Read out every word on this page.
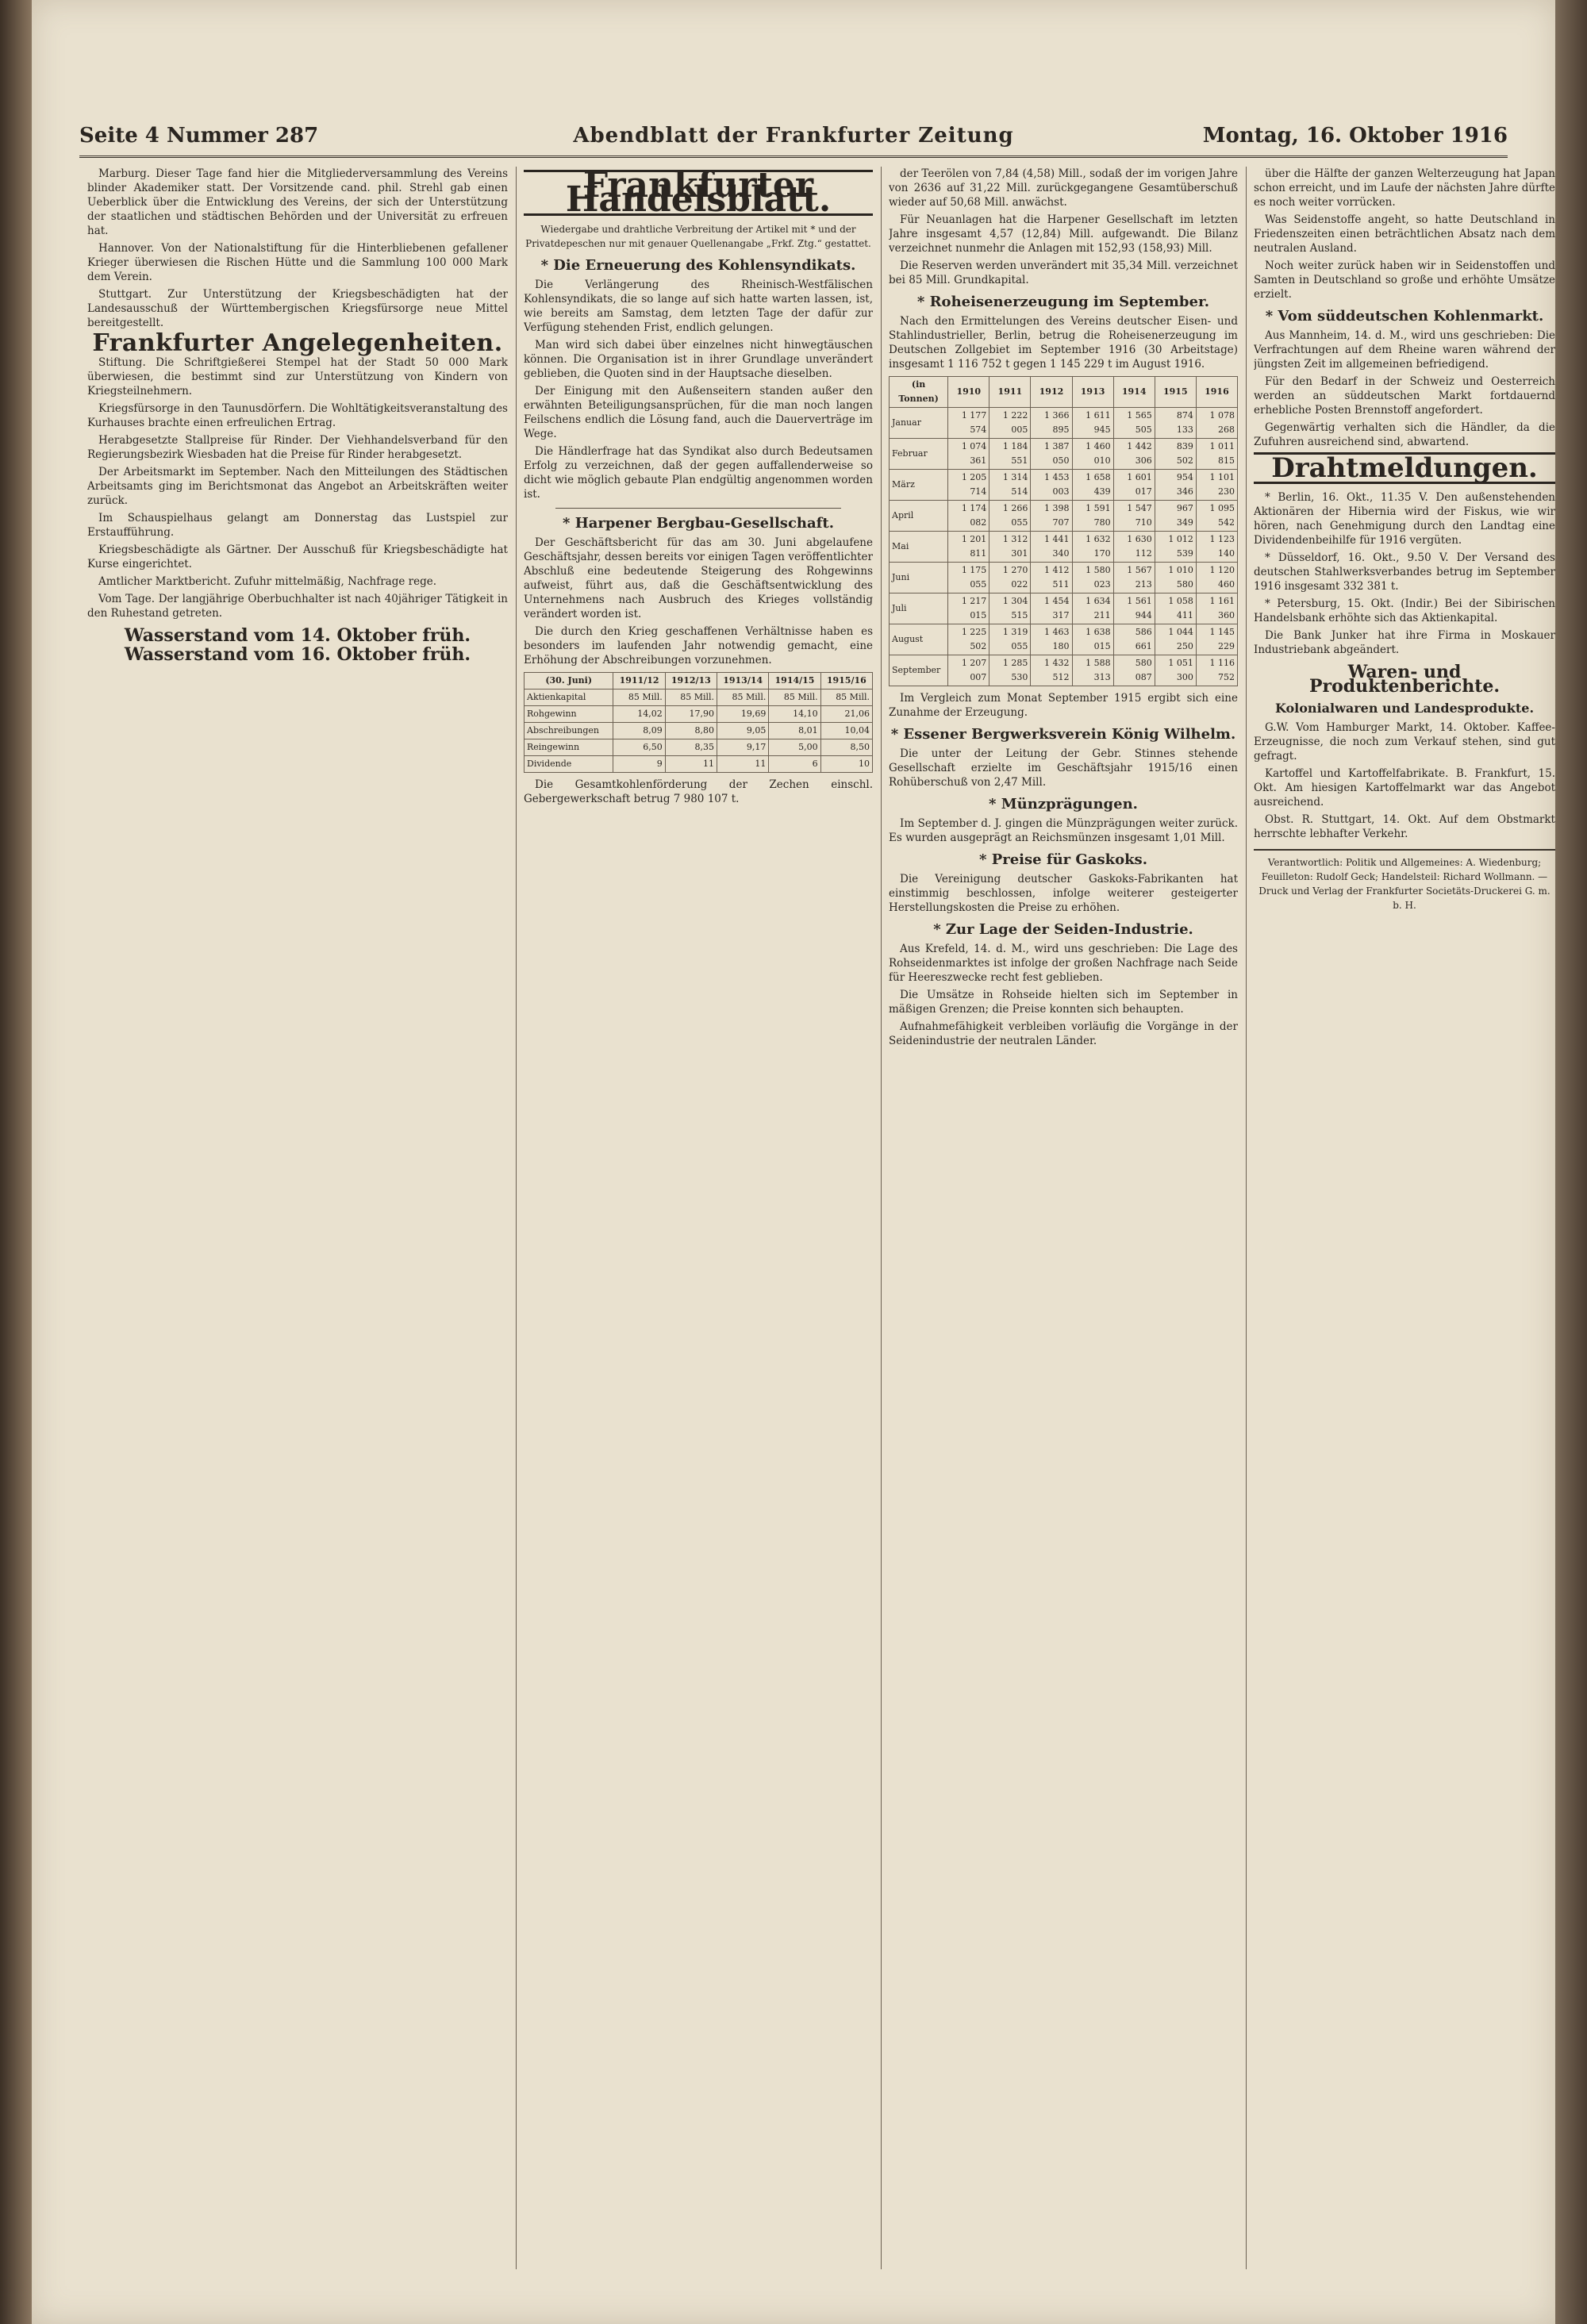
Seite 4 Nummer 287	Abendblatt der Frankfurter Zeitung	Montag, 16. Oktober 1916

Marburg. Dieser Tage fand hier die Mitgliederversammlung des Vereins blinder Akademiker statt. Der Vorsitzende cand. phil. Strehl gab einen Ueberblick über die Entwicklung des Vereins, der sich der Unterstützung der staatlichen und städtischen Behörden und der Universität zu erfreuen hat.

Hannover. Von der Nationalstiftung für die Hinterbliebenen gefallener Krieger überwiesen die Rischen Hütte und die Sammlung 100 000 Mark dem Verein.

Stuttgart. Zur Unterstützung der Kriegsbeschädigten hat der Landesausschuß der Württembergischen Kriegsfürsorge neue Mittel bereitgestellt.

Frankfurter Angelegenheiten.

Stiftung. Die Schriftgießerei Stempel hat der Stadt 50 000 Mark überwiesen, die bestimmt sind zur Unterstützung von Kindern von Kriegsteilnehmern.

Kriegsfürsorge in den Taunusdörfern. Die Wohltätigkeitsveranstaltung des Kurhauses brachte einen erfreulichen Ertrag.

Herabgesetzte Stallpreise für Rinder. Der Viehhandelsverband für den Regierungsbezirk Wiesbaden hat die Preise für Rinder herabgesetzt.

Der Arbeitsmarkt im September. Nach den Mitteilungen des Städtischen Arbeitsamts ging im Berichtsmonat das Angebot an Arbeitskräften weiter zurück.

Im Schauspielhaus gelangt am Donnerstag das Lustspiel zur Erstaufführung.

Kriegsbeschädigte als Gärtner. Der Ausschuß für Kriegsbeschädigte hat Kurse eingerichtet.

Amtlicher Marktbericht. Zufuhr mittelmäßig, Nachfrage rege.

Vom Tage. Der langjährige Oberbuchhalter ist nach 40jähriger Tätigkeit in den Ruhestand getreten.

Wasserstand vom 14. Oktober früh.
Wasserstand vom 16. Oktober früh.
Frankfurter Handelsblatt.
Wiedergabe und drahtliche Verbreitung der Artikel mit * und der Privatdepeschen nur mit genauer Quellenangabe „Frkf. Ztg.“ gestattet.
* Die Erneuerung des Kohlensyndikats.

Die Verlängerung des Rheinisch-Westfälischen Kohlensyndikats, die so lange auf sich hatte warten lassen, ist, wie bereits am Samstag, dem letzten Tage der dafür zur Verfügung stehenden Frist, endlich gelungen.

Man wird sich dabei über einzelnes nicht hinwegtäuschen können. Die Organisation ist in ihrer Grundlage unverändert geblieben, die Quoten sind in der Hauptsache dieselben.

Der Einigung mit den Außenseitern standen außer den erwähnten Beteiligungsansprüchen, für die man noch langen Feilschens endlich die Lösung fand, auch die Dauerverträge im Wege.

Die Händlerfrage hat das Syndikat also durch Bedeutsamen Erfolg zu verzeichnen, daß der gegen auffallenderweise so dicht wie möglich gebaute Plan endgültig angenommen worden ist.

* Harpener Bergbau-Gesellschaft.

Der Geschäftsbericht für das am 30. Juni abgelaufene Geschäftsjahr, dessen bereits vor einigen Tagen veröffentlichter Abschluß eine bedeutende Steigerung des Rohgewinns aufweist, führt aus, daß die Geschäftsentwicklung des Unternehmens nach Ausbruch des Krieges vollständig verändert worden ist.

Die durch den Krieg geschaffenen Verhältnisse haben es besonders im laufenden Jahr notwendig gemacht, eine Erhöhung der Abschreibungen vorzunehmen.

(30. Juni)	1911/12	1912/13	1913/14	1914/15	1915/16
Aktienkapital	85 Mill.	85 Mill.	85 Mill.	85 Mill.	85 Mill.
Rohgewinn	14,02	17,90	19,69	14,10	21,06
Abschreibungen	8,09	8,80	9,05	8,01	10,04
Reingewinn	6,50	8,35	9,17	5,00	8,50
Dividende	9	11	11	6	10

Die Gesamtkohlenförderung der Zechen einschl. Gebergewerkschaft betrug 7 980 107 t.

der Teerölen von 7,84 (4,58) Mill., sodaß der im vorigen Jahre von 2636 auf 31,22 Mill. zurückgegangene Gesamtüberschuß wieder auf 50,68 Mill. anwächst.

Für Neuanlagen hat die Harpener Gesellschaft im letzten Jahre insgesamt 4,57 (12,84) Mill. aufgewandt. Die Bilanz verzeichnet nunmehr die Anlagen mit 152,93 (158,93) Mill.

Die Reserven werden unverändert mit 35,34 Mill. verzeichnet bei 85 Mill. Grundkapital.

* Roheisenerzeugung im September.

Nach den Ermittelungen des Vereins deutscher Eisen- und Stahlindustrieller, Berlin, betrug die Roheisenerzeugung im Deutschen Zollgebiet im September 1916 (30 Arbeitstage) insgesamt 1 116 752 t gegen 1 145 229 t im August 1916.

(in Tonnen)	1910	1911	1912	1913	1914	1915	1916
Januar	1 177 574	1 222 005	1 366 895	1 611 945	1 565 505	874 133	1 078 268
Februar	1 074 361	1 184 551	1 387 050	1 460 010	1 442 306	839 502	1 011 815
März	1 205 714	1 314 514	1 453 003	1 658 439	1 601 017	954 346	1 101 230
April	1 174 082	1 266 055	1 398 707	1 591 780	1 547 710	967 349	1 095 542
Mai	1 201 811	1 312 301	1 441 340	1 632 170	1 630 112	1 012 539	1 123 140
Juni	1 175 055	1 270 022	1 412 511	1 580 023	1 567 213	1 010 580	1 120 460
Juli	1 217 015	1 304 515	1 454 317	1 634 211	1 561 944	1 058 411	1 161 360
August	1 225 502	1 319 055	1 463 180	1 638 015	586 661	1 044 250	1 145 229
September	1 207 007	1 285 530	1 432 512	1 588 313	580 087	1 051 300	1 116 752

Im Vergleich zum Monat September 1915 ergibt sich eine Zunahme der Erzeugung.

* Essener Bergwerksverein König Wilhelm.

Die unter der Leitung der Gebr. Stinnes stehende Gesellschaft erzielte im Geschäftsjahr 1915/16 einen Rohüberschuß von 2,47 Mill.

* Münzprägungen.

Im September d. J. gingen die Münzprägungen weiter zurück. Es wurden ausgeprägt an Reichsmünzen insgesamt 1,01 Mill.

* Preise für Gaskoks.

Die Vereinigung deutscher Gaskoks-Fabrikanten hat einstimmig beschlossen, infolge weiterer gesteigerter Herstellungskosten die Preise zu erhöhen.

* Zur Lage der Seiden-Industrie.

Aus Krefeld, 14. d. M., wird uns geschrieben: Die Lage des Rohseidenmarktes ist infolge der großen Nachfrage nach Seide für Heereszwecke recht fest geblieben.

Die Umsätze in Rohseide hielten sich im September in mäßigen Grenzen; die Preise konnten sich behaupten.

Aufnahmefähigkeit verbleiben vorläufig die Vorgänge in der Seidenindustrie der neutralen Länder.

über die Hälfte der ganzen Welterzeugung hat Japan schon erreicht, und im Laufe der nächsten Jahre dürfte es noch weiter vorrücken.

Was Seidenstoffe angeht, so hatte Deutschland in Friedenszeiten einen beträchtlichen Absatz nach dem neutralen Ausland.

Noch weiter zurück haben wir in Seidenstoffen und Samten in Deutschland so große und erhöhte Umsätze erzielt.

* Vom süddeutschen Kohlenmarkt.

Aus Mannheim, 14. d. M., wird uns geschrieben: Die Verfrachtungen auf dem Rheine waren während der jüngsten Zeit im allgemeinen befriedigend.

Für den Bedarf in der Schweiz und Oesterreich werden an süddeutschen Markt fortdauernd erhebliche Posten Brennstoff angefordert.

Gegenwärtig verhalten sich die Händler, da die Zufuhren ausreichend sind, abwartend.

Drahtmeldungen.

* Berlin, 16. Okt., 11.35 V. Den außenstehenden Aktionären der Hibernia wird der Fiskus, wie wir hören, nach Genehmigung durch den Landtag eine Dividendenbeihilfe für 1916 vergüten.

* Düsseldorf, 16. Okt., 9.50 V. Der Versand des deutschen Stahlwerksverbandes betrug im September 1916 insgesamt 332 381 t.

* Petersburg, 15. Okt. (Indir.) Bei der Sibirischen Handelsbank erhöhte sich das Aktienkapital.

Die Bank Junker hat ihre Firma in Moskauer Industriebank abgeändert.

Waren- und Produktenberichte.
Kolonialwaren und Landesprodukte.

G.W. Vom Hamburger Markt, 14. Oktober. Kaffee-Erzeugnisse, die noch zum Verkauf stehen, sind gut gefragt.

Kartoffel und Kartoffelfabrikate. B. Frankfurt, 15. Okt. Am hiesigen Kartoffelmarkt war das Angebot ausreichend.

Obst. R. Stuttgart, 14. Okt. Auf dem Obstmarkt herrschte lebhafter Verkehr.

Verantwortlich: Politik und Allgemeines: A. Wiedenburg; Feuilleton: Rudolf Geck; Handelsteil: Richard Wollmann. — Druck und Verlag der Frankfurter Societäts-Druckerei G. m. b. H.
